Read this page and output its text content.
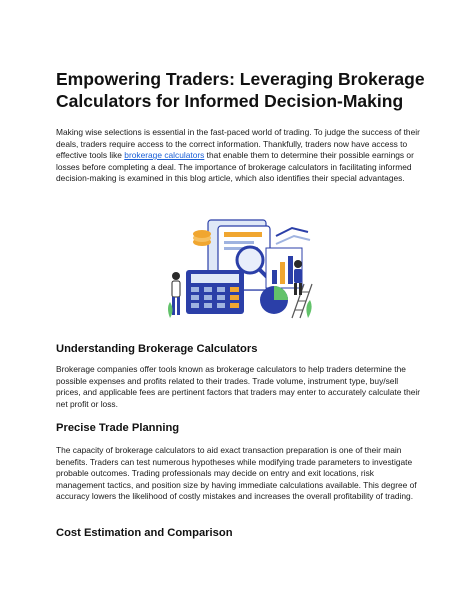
Empowering Traders: Leveraging Brokerage Calculators for Informed Decision-Making

Making wise selections is essential in the fast-paced world of trading. To judge the success of their deals, traders require access to the correct information. Thankfully, traders now have access to effective tools like brokerage calculators that enable them to determine their possible earnings or losses before completing a deal. The importance of brokerage calculators in facilitating informed decision-making is examined in this blog article, which also identifies their special advantages.

Understanding Brokerage Calculators

Brokerage companies offer tools known as brokerage calculators to help traders determine the possible expenses and profits related to their trades. Trade volume, instrument type, buy/sell prices, and applicable fees are pertinent factors that traders may enter to accurately calculate their net profit or loss.

Precise Trade Planning

The capacity of brokerage calculators to aid exact transaction preparation is one of their main benefits. Traders can test numerous hypotheses while modifying trade parameters to investigate probable outcomes. Trading professionals may decide on entry and exit locations, risk management tactics, and position size by having immediate calculations available. This degree of accuracy lowers the likelihood of costly mistakes and increases the overall profitability of trading.

Cost Estimation and Comparison
